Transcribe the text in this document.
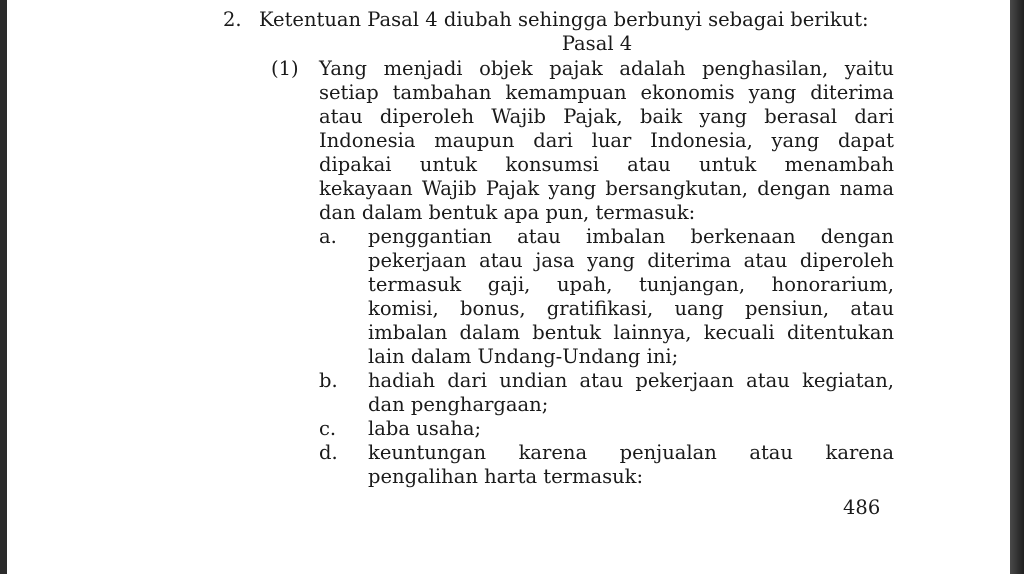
2. Ketentuan Pasal 4 diubah sehingga berbunyi sebagai berikut:
Pasal 4
(1) Yang menjadi objek pajak adalah penghasilan, yaitu
setiap tambahan kemampuan ekonomis yang diterima
atau diperoleh Wajib Pajak, baik yang berasal dari
Indonesia maupun dari luar Indonesia, yang dapat
dipakai untuk konsumsi atau untuk menambah
kekayaan Wajib Pajak yang bersangkutan, dengan nama
dan dalam bentuk apa pun, termasuk:
a. penggantian atau imbalan berkenaan dengan
pekerjaan atau jasa yang diterima atau diperoleh
termasuk gaji, upah, tunjangan, honorarium,
komisi, bonus, gratifikasi, uang pensiun, atau
imbalan dalam bentuk lainnya, kecuali ditentukan
lain dalam Undang-Undang ini;
b. hadiah dari undian atau pekerjaan atau kegiatan,
dan penghargaan;
c. laba usaha;
d. keuntungan karena penjualan atau karena
pengalihan harta termasuk:
486
